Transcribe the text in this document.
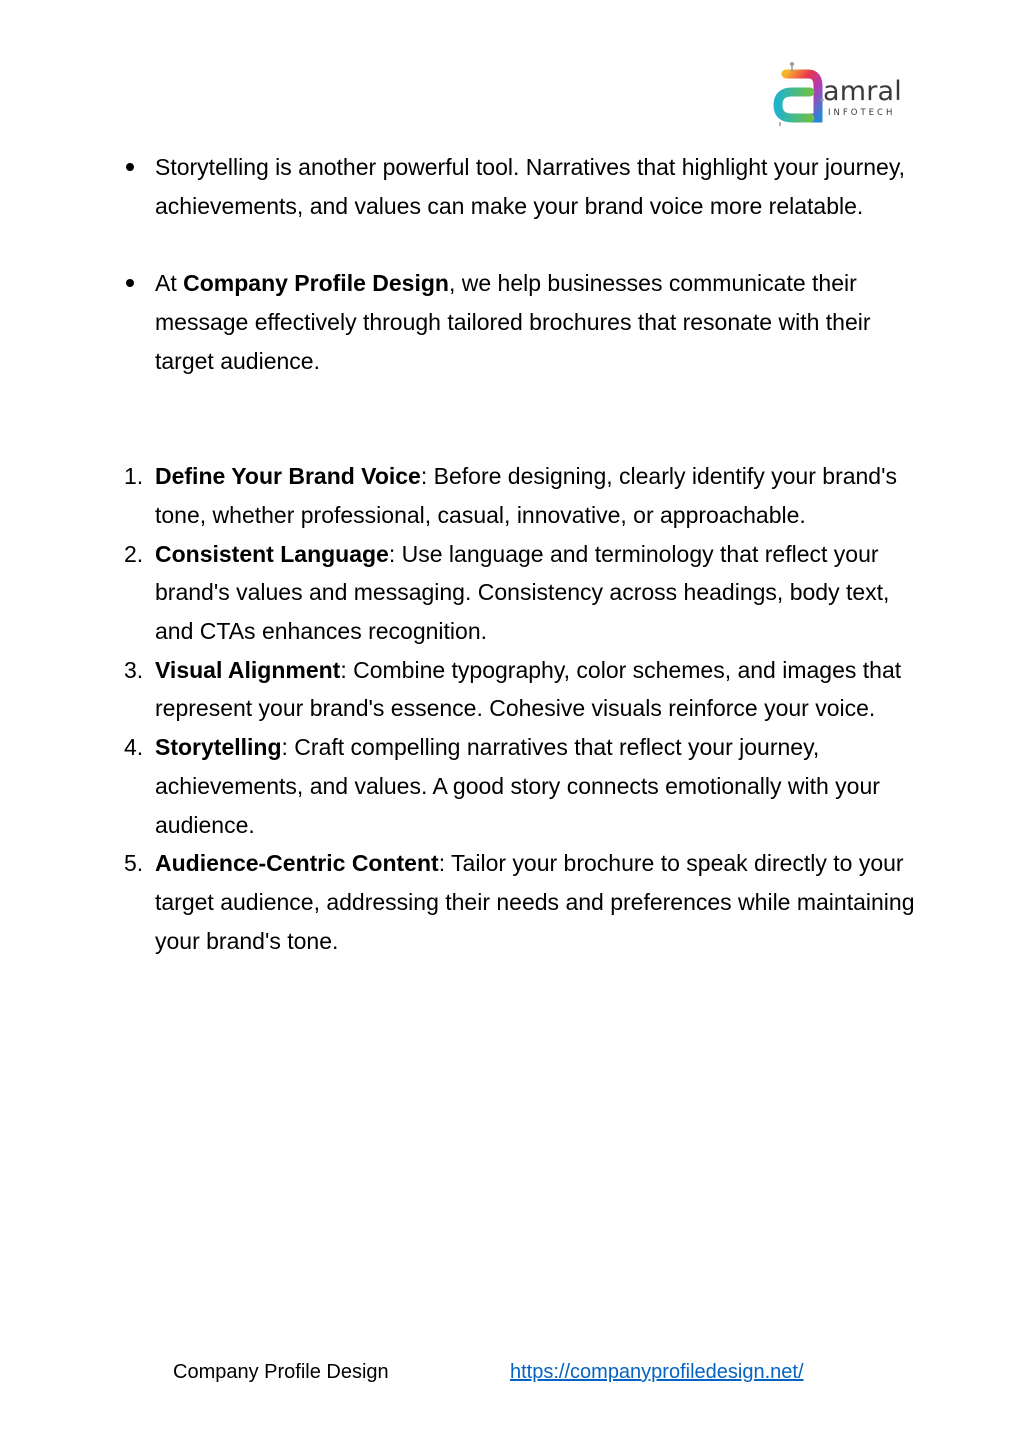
amral
INFOTECH

Storytelling is another powerful tool. Narratives that highlight your journey, achievements, and values can make your brand voice more relatable.

At Company Profile Design, we help businesses communicate their message effectively through tailored brochures that resonate with their target audience.

1. Define Your Brand Voice: Before designing, clearly identify your brand's tone, whether professional, casual, innovative, or approachable.

2. Consistent Language: Use language and terminology that reflect your brand's values and messaging. Consistency across headings, body text, and CTAs enhances recognition.

3. Visual Alignment: Combine typography, color schemes, and images that represent your brand's essence. Cohesive visuals reinforce your voice.

4. Storytelling: Craft compelling narratives that reflect your journey, achievements, and values. A good story connects emotionally with your audience.

5. Audience-Centric Content: Tailor your brochure to speak directly to your target audience, addressing their needs and preferences while maintaining your brand's tone.

Company Profile Design	https://companyprofiledesign.net/
